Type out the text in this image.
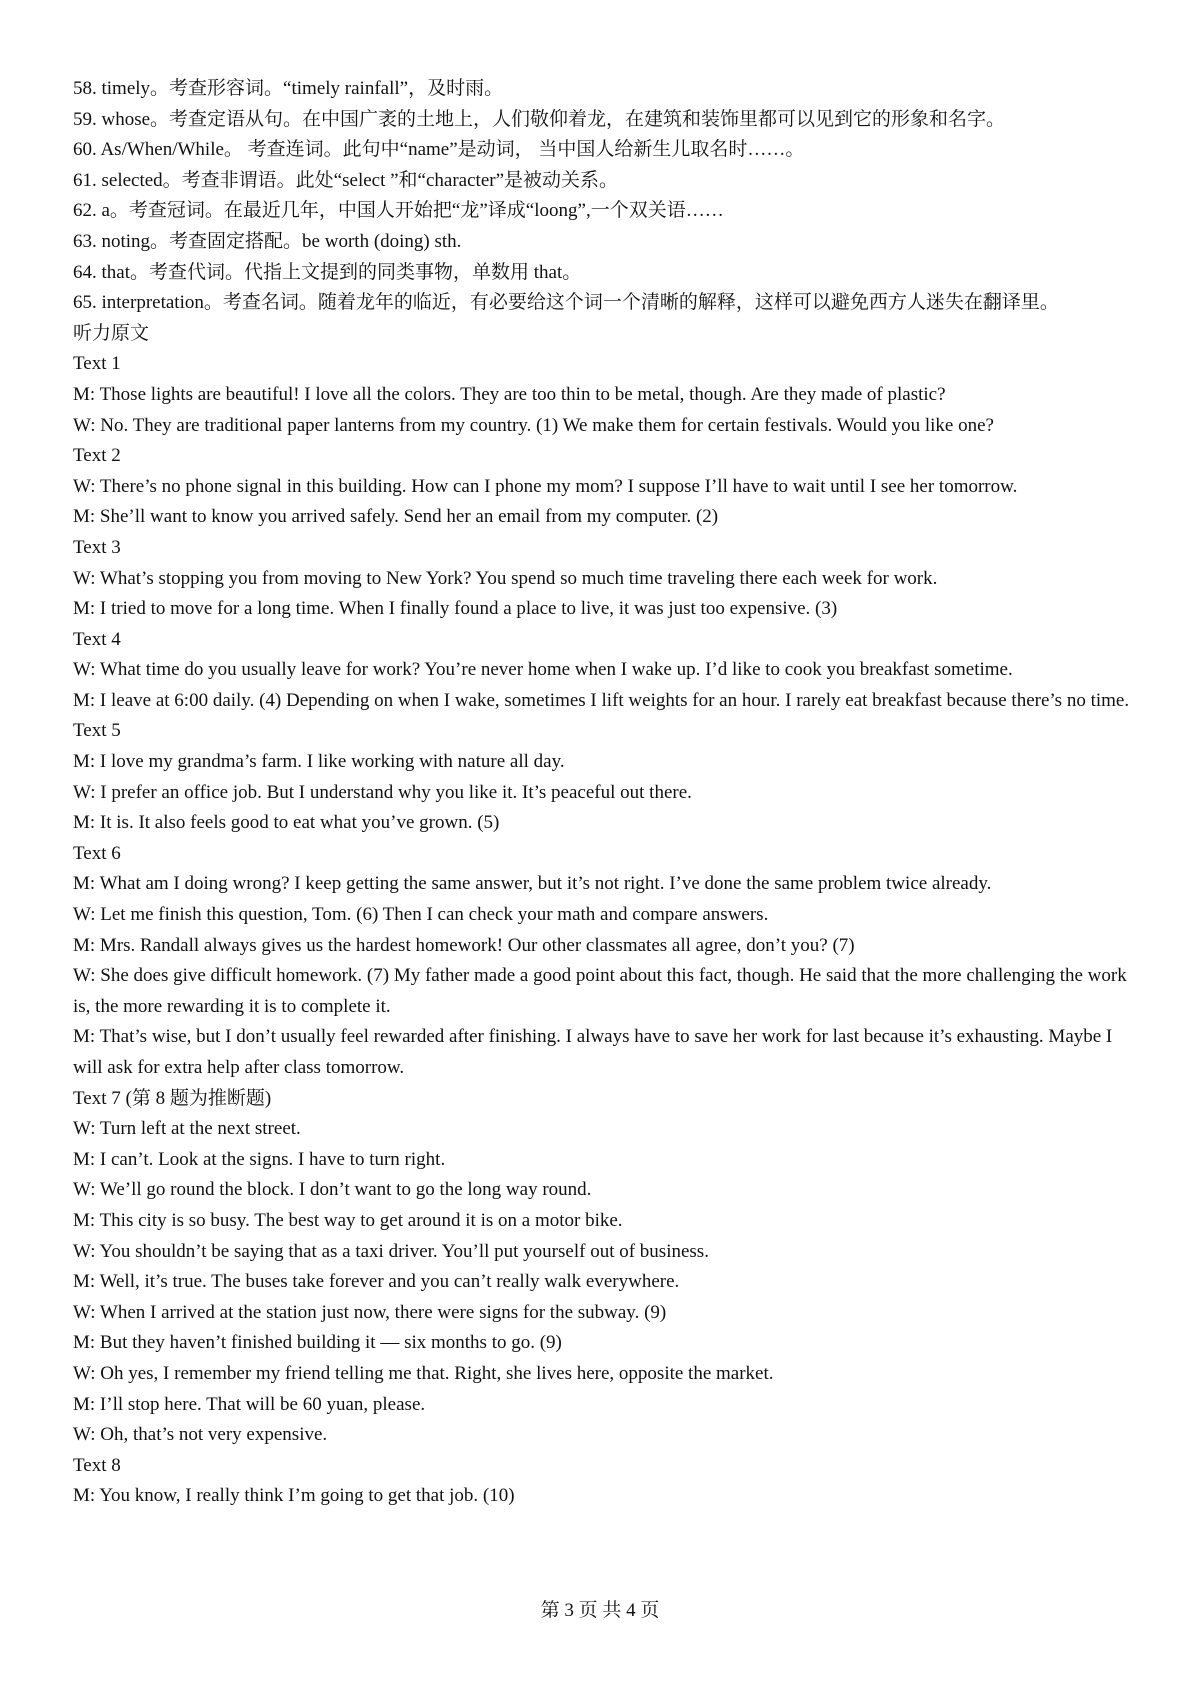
58. timely。考查形容词。“timely rainfall”，及时雨。

59. whose。考查定语从句。在中国广袤的土地上，人们敬仰着龙，在建筑和装饰里都可以见到它的形象和名字。

60. As/When/While。 考查连词。此句中“name”是动词， 当中国人给新生儿取名时……。

61. selected。考查非谓语。此处“select ”和“character”是被动关系。

62. a。考查冠词。在最近几年，中国人开始把“龙”译成“loong”,一个双关语……

63. noting。考查固定搭配。be worth (doing) sth.

64. that。考查代词。代指上文提到的同类事物，单数用 that。

65. interpretation。考查名词。随着龙年的临近，有必要给这个词一个清晰的解释，这样可以避免西方人迷失在翻译里。

听力原文

Text 1

M: Those lights are beautiful! I love all the colors. They are too thin to be metal, though. Are they made of plastic?

W: No. They are traditional paper lanterns from my country. (1) We make them for certain festivals. Would you like one?

Text 2

W: There’s no phone signal in this building. How can I phone my mom? I suppose I’ll have to wait until I see her tomorrow.

M: She’ll want to know you arrived safely. Send her an email from my computer. (2)

Text 3

W: What’s stopping you from moving to New York? You spend so much time traveling there each week for work.

M: I tried to move for a long time. When I finally found a place to live, it was just too expensive. (3)

Text 4

W: What time do you usually leave for work? You’re never home when I wake up. I’d like to cook you breakfast sometime.

M: I leave at 6:00 daily. (4) Depending on when I wake, sometimes I lift weights for an hour. I rarely eat breakfast because there’s no time.

Text 5

M: I love my grandma’s farm. I like working with nature all day.

W: I prefer an office job. But I understand why you like it. It’s peaceful out there.

M: It is. It also feels good to eat what you’ve grown. (5)

Text 6

M: What am I doing wrong? I keep getting the same answer, but it’s not right. I’ve done the same problem twice already.

W: Let me finish this question, Tom. (6) Then I can check your math and compare answers.

M: Mrs. Randall always gives us the hardest homework! Our other classmates all agree, don’t you? (7)

W: She does give difficult homework. (7) My father made a good point about this fact, though. He said that the more challenging the work is, the more rewarding it is to complete it.

M: That’s wise, but I don’t usually feel rewarded after finishing. I always have to save her work for last because it’s exhausting. Maybe I will ask for extra help after class tomorrow.

Text 7 (第 8 题为推断题)

W: Turn left at the next street.

M: I can’t. Look at the signs. I have to turn right.

W: We’ll go round the block. I don’t want to go the long way round.

M: This city is so busy. The best way to get around it is on a motor bike.

W: You shouldn’t be saying that as a taxi driver. You’ll put yourself out of business.

M: Well, it’s true. The buses take forever and you can’t really walk everywhere.

W: When I arrived at the station just now, there were signs for the subway. (9)

M: But they haven’t finished building it — six months to go. (9)

W: Oh yes, I remember my friend telling me that. Right, she lives here, opposite the market.

M: I’ll stop here. That will be 60 yuan, please.

W: Oh, that’s not very expensive.

Text 8

M: You know, I really think I’m going to get that job. (10)

第 3 页 共 4 页
